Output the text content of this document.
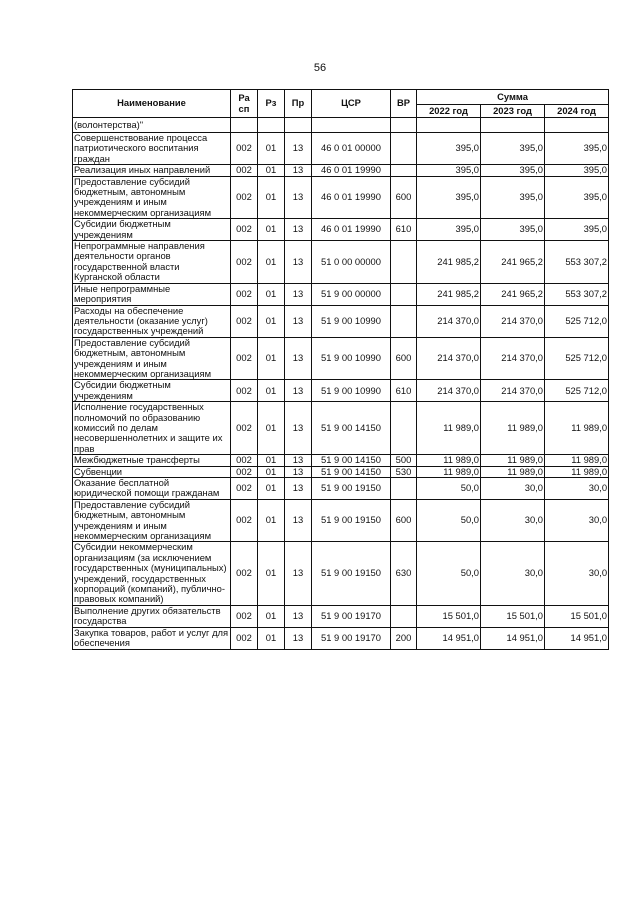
56
Наименование	Ра сп	Рз	Пр	ЦСР	ВР	Сумма		
						2022 год	2023 год	2024 год
(волонтерства)"								
Совершенствование процесса патриотического воспитания граждан	002	01	13	46 0 01 00000		395,0	395,0	395,0
Реализация иных направлений	002	01	13	46 0 01 19990		395,0	395,0	395,0
Предоставление субсидий бюджетным, автономным учреждениям и иным некоммерческим организациям	002	01	13	46 0 01 19990	600	395,0	395,0	395,0
Субсидии бюджетным учреждениям	002	01	13	46 0 01 19990	610	395,0	395,0	395,0
Непрограммные направления деятельности органов государственной власти Курганской области	002	01	13	51 0 00 00000		241 985,2	241 965,2	553 307,2
Иные непрограммные мероприятия	002	01	13	51 9 00 00000		241 985,2	241 965,2	553 307,2
Расходы на обеспечение деятельности (оказание услуг) государственных учреждений	002	01	13	51 9 00 10990		214 370,0	214 370,0	525 712,0
Предоставление субсидий бюджетным, автономным учреждениям и иным некоммерческим организациям	002	01	13	51 9 00 10990	600	214 370,0	214 370,0	525 712,0
Субсидии бюджетным учреждениям	002	01	13	51 9 00 10990	610	214 370,0	214 370,0	525 712,0
Исполнение государственных полномочий по образованию комиссий по делам несовершеннолетних и защите их прав	002	01	13	51 9 00 14150		11 989,0	11 989,0	11 989,0
Межбюджетные трансферты	002	01	13	51 9 00 14150	500	11 989,0	11 989,0	11 989,0
Субвенции	002	01	13	51 9 00 14150	530	11 989,0	11 989,0	11 989,0
Оказание бесплатной юридической помощи гражданам	002	01	13	51 9 00 19150		50,0	30,0	30,0
Предоставление субсидий бюджетным, автономным учреждениям и иным некоммерческим организациям	002	01	13	51 9 00 19150	600	50,0	30,0	30,0
Субсидии некоммерческим организациям (за исключением государственных (муниципальных) учреждений, государственных корпораций (компаний), публично-правовых компаний)	002	01	13	51 9 00 19150	630	50,0	30,0	30,0
Выполнение других обязательств государства	002	01	13	51 9 00 19170		15 501,0	15 501,0	15 501,0
Закупка товаров, работ и услуг для обеспечения	002	01	13	51 9 00 19170	200	14 951,0	14 951,0	14 951,0
